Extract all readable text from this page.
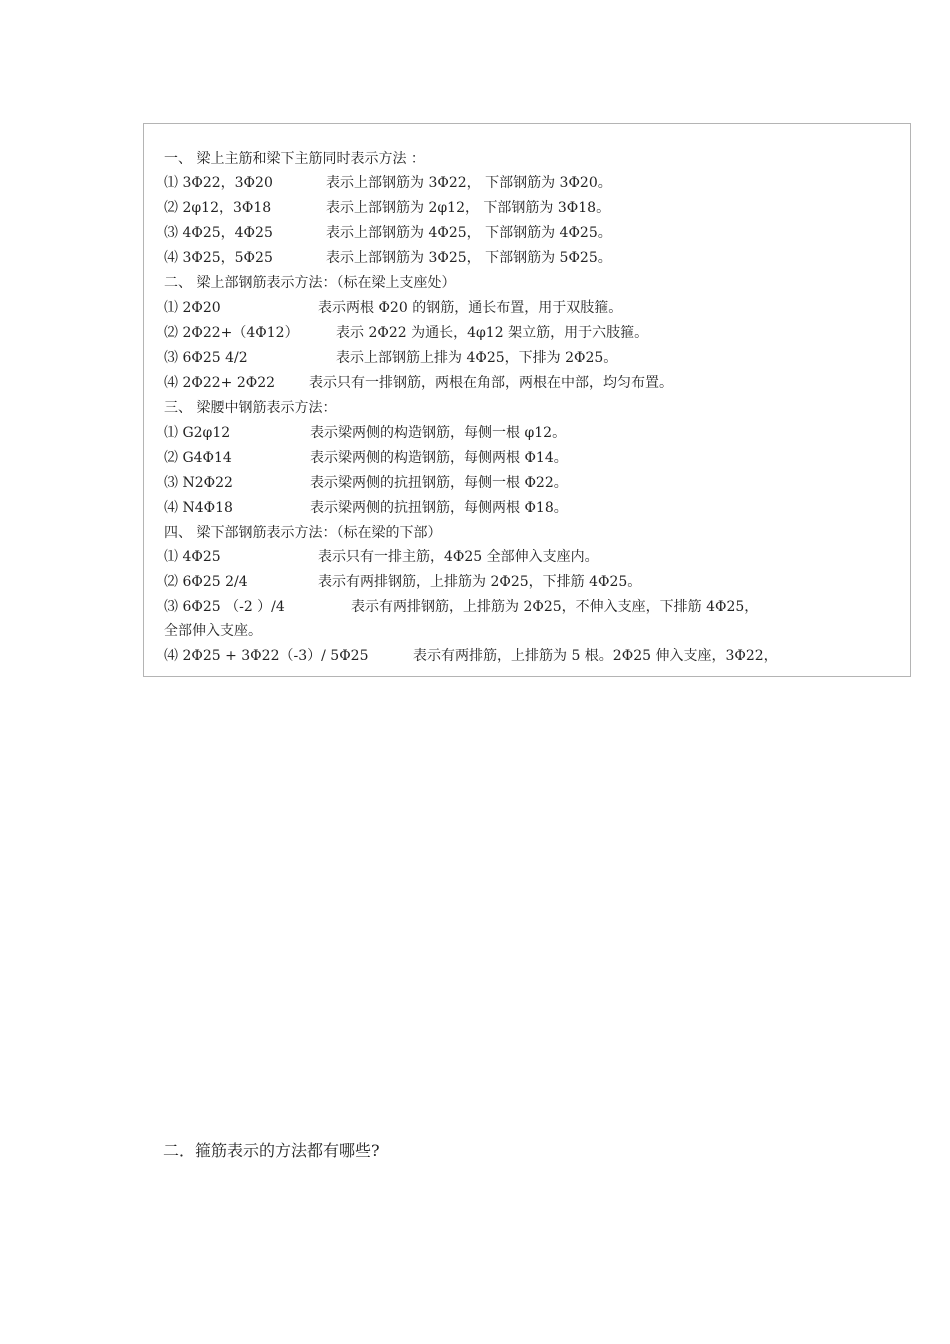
一、 梁上主筋和梁下主筋同时表示方法 ：
⑴ 3Φ22，3Φ20	表示上部钢筋为 3Φ22， 下部钢筋为 3Φ20。
⑵ 2φ12，3Φ18	表示上部钢筋为 2φ12， 下部钢筋为 3Φ18。
⑶ 4Φ25，4Φ25	表示上部钢筋为 4Φ25， 下部钢筋为 4Φ25。
⑷ 3Φ25，5Φ25	表示上部钢筋为 3Φ25， 下部钢筋为 5Φ25。
二、 梁上部钢筋表示方法：（标在梁上支座处）
⑴ 2Φ20	表示两根 Φ20 的钢筋，通长布置，用于双肢箍。
⑵ 2Φ22+（4Φ12）	表示 2Φ22 为通长，4φ12 架立筋，用于六肢箍。
⑶ 6Φ25 4/2	表示上部钢筋上排为 4Φ25，下排为 2Φ25。
⑷ 2Φ22+ 2Φ22 表示只有一排钢筋，两根在角部，两根在中部，均匀布置。
三、 梁腰中钢筋表示方法：
⑴ G2φ12	表示梁两侧的构造钢筋，每侧一根 φ12。
⑵ G4Φ14	表示梁两侧的构造钢筋，每侧两根 Φ14。
⑶ N2Φ22	表示梁两侧的抗扭钢筋，每侧一根 Φ22。
⑷ N4Φ18	表示梁两侧的抗扭钢筋，每侧两根 Φ18。
四、 梁下部钢筋表示方法：（标在梁的下部）
⑴ 4Φ25	表示只有一排主筋，4Φ25 全部伸入支座内。
⑵ 6Φ25 2/4	表示有两排钢筋，上排筋为 2Φ25，下排筋 4Φ25。
⑶ 6Φ25 （-2 ）/4	表示有两排钢筋，上排筋为 2Φ25，不伸入支座，下排筋 4Φ25，
全部伸入支座。
⑷ 2Φ25 + 3Φ22（-3）/ 5Φ25	表示有两排筋，上排筋为 5 根。2Φ25 伸入支座，3Φ22，
二．箍筋表示的方法都有哪些?
